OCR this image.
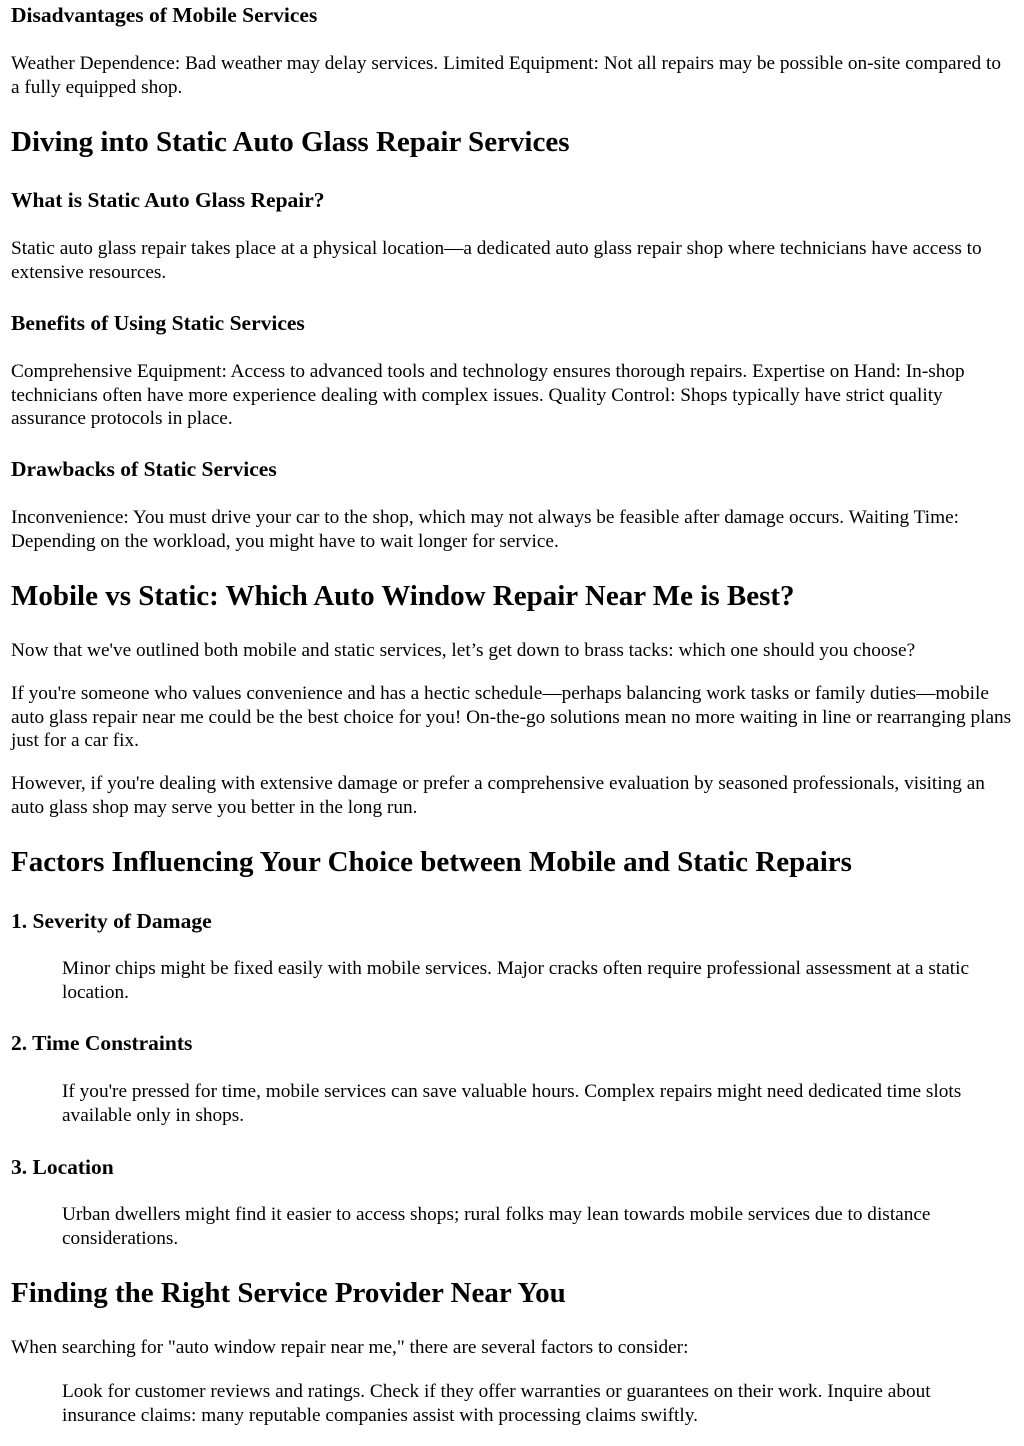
Disadvantages of Mobile Services

Weather Dependence: Bad weather may delay services. Limited Equipment: Not all repairs may be possible on-site compared to a fully equipped shop.

Diving into Static Auto Glass Repair Services
What is Static Auto Glass Repair?

Static auto glass repair takes place at a physical location—a dedicated auto glass repair shop where technicians have access to extensive resources.

Benefits of Using Static Services

Comprehensive Equipment: Access to advanced tools and technology ensures thorough repairs. Expertise on Hand: In-shop technicians often have more experience dealing with complex issues. Quality Control: Shops typically have strict quality assurance protocols in place.

Drawbacks of Static Services

Inconvenience: You must drive your car to the shop, which may not always be feasible after damage occurs. Waiting Time: Depending on the workload, you might have to wait longer for service.

Mobile vs Static: Which Auto Window Repair Near Me is Best?

Now that we've outlined both mobile and static services, let’s get down to brass tacks: which one should you choose?

If you're someone who values convenience and has a hectic schedule—perhaps balancing work tasks or family duties—mobile auto glass repair near me could be the best choice for you! On-the-go solutions mean no more waiting in line or rearranging plans just for a car fix.

However, if you're dealing with extensive damage or prefer a comprehensive evaluation by seasoned professionals, visiting an auto glass shop may serve you better in the long run.

Factors Influencing Your Choice between Mobile and Static Repairs
1. Severity of Damage

Minor chips might be fixed easily with mobile services. Major cracks often require professional assessment at a static location.

2. Time Constraints

If you're pressed for time, mobile services can save valuable hours. Complex repairs might need dedicated time slots available only in shops.

3. Location

Urban dwellers might find it easier to access shops; rural folks may lean towards mobile services due to distance considerations.

Finding the Right Service Provider Near You

When searching for "auto window repair near me," there are several factors to consider:

Look for customer reviews and ratings. Check if they offer warranties or guarantees on their work. Inquire about insurance claims: many reputable companies assist with processing claims swiftly.
